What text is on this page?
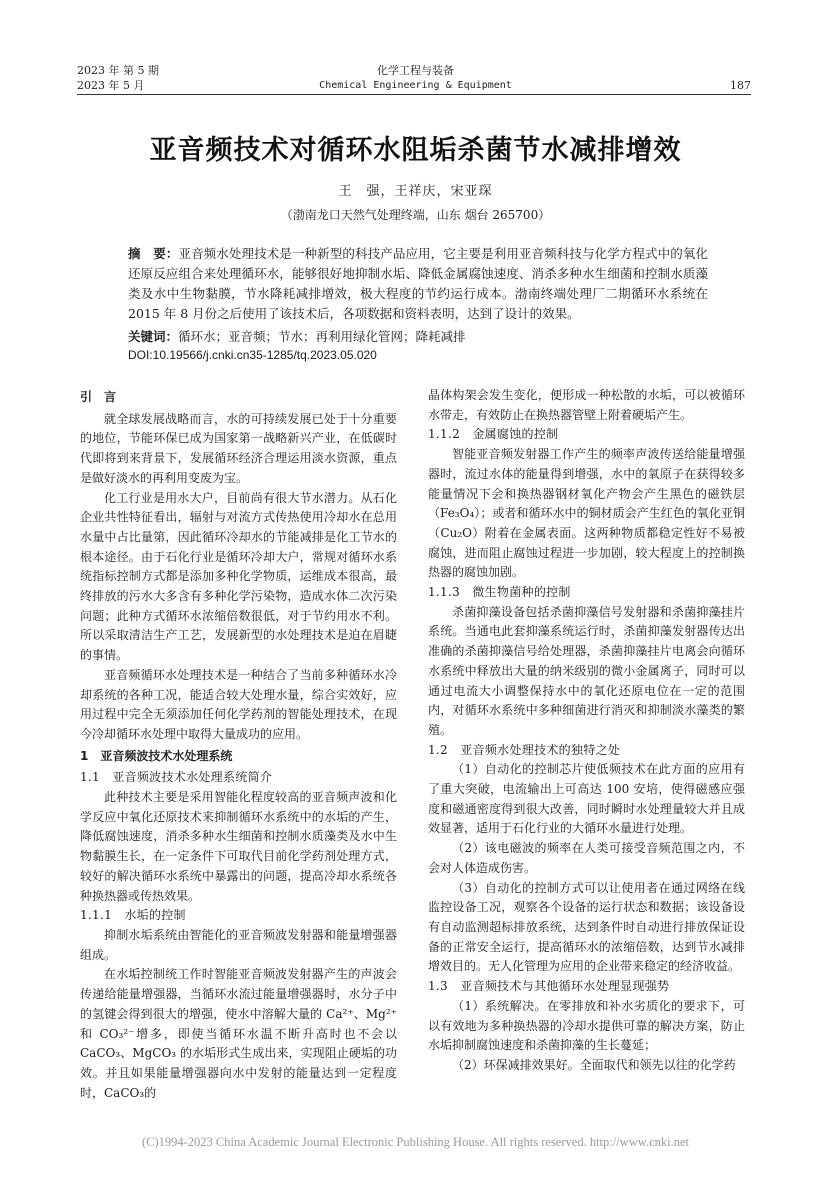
2023 年 第 5 期
2023 年 5 月
化学工程与装备
Chemical Engineering & Equipment	187
亚音频技术对循环水阻垢杀菌节水减排增效
王　强，王祥庆，宋亚琛
（渤南龙口天然气处理终端，山东 烟台 265700）
摘　要：亚音频水处理技术是一种新型的科技产品应用，它主要是利用亚音频科技与化学方程式中的氧化还原反应组合来处理循环水，能够很好地抑制水垢、降低金属腐蚀速度、消杀多种水生细菌和控制水质藻类及水中生物黏膜，节水降耗减排增效，极大程度的节约运行成本。渤南终端处理厂二期循环水系统在 2015 年 8 月份之后使用了该技术后，各项数据和资料表明，达到了设计的效果。
关键词：循环水；亚音频；节水；再利用绿化管网；降耗减排
DOI:10.19566/j.cnki.cn35-1285/tq.2023.05.020

引　言

就全球发展战略而言，水的可持续发展已处于十分重要的地位，节能环保已成为国家第一战略新兴产业，在低碳时代即将到来背景下，发展循环经济合理运用淡水资源，重点是做好淡水的再利用变废为宝。

化工行业是用水大户，目前尚有很大节水潜力。从石化企业共性特征看出，辐射与对流方式传热使用冷却水在总用水量中占比量第，因此循环冷却水的节能减排是化工节水的根本途径。由于石化行业是循环冷却大户，常规对循环水系统指标控制方式都是添加多种化学物质，运维成本很高，最终排放的污水大多含有多种化学污染物，造成水体二次污染问题；此种方式循环水浓缩倍数很低，对于节约用水不利。所以采取清洁生产工艺，发展新型的水处理技术是迫在眉睫的事情。

亚音频循环水处理技术是一种结合了当前多种循环水冷却系统的各种工况，能适合较大处理水量，综合实效好，应用过程中完全无须添加任何化学药剂的智能处理技术，在现今冷却循环水处理中取得大量成功的应用。

1　亚音频波技术水处理系统

1.1　亚音频波技术水处理系统简介

此种技术主要是采用智能化程度较高的亚音频声波和化学反应中氧化还原技术来抑制循环水系统中的水垢的产生，降低腐蚀速度，消杀多种水生细菌和控制水质藻类及水中生物黏膜生长，在一定条件下可取代目前化学药剂处理方式，较好的解决循环水系统中暴露出的问题，提高冷却水系统各种换热器或传热效果。

1.1.1　水垢的控制

抑制水垢系统由智能化的亚音频波发射器和能量增强器组成。

在水垢控制统工作时智能亚音频波发射器产生的声波会传递给能量增强器，当循环水流过能量增强器时，水分子中的氢键会得到很大的增强，使水中溶解大量的 Ca²⁺、Mg²⁺ 和 CO₃²⁻增多，即使当循环水温不断升高时也不会以 CaCO₃、MgCO₃ 的水垢形式生成出来，实现阻止硬垢的功效。并且如果能量增强器向水中发射的能量达到一定程度时，CaCO₃的

晶体构架会发生变化，便形成一种松散的水垢，可以被循环水带走，有效防止在换热器管壁上附着硬垢产生。

1.1.2　金属腐蚀的控制

智能亚音频发射器工作产生的频率声波传送给能量增强器时，流过水体的能量得到增强，水中的氧原子在获得较多能量情况下会和换热器钢材氧化产物会产生黑色的磁铁层（Fe₃O₄）；或者和循环水中的铜材质会产生红色的氧化亚铜（Cu₂O）附着在金属表面。这两种物质都稳定性好不易被腐蚀，进而阻止腐蚀过程进一步加剧，较大程度上的控制换热器的腐蚀加剧。

1.1.3　微生物菌种的控制

杀菌抑藻设备包括杀菌抑藻信号发射器和杀菌抑藻挂片系统。当通电此套抑藻系统运行时，杀菌抑藻发射器传达出准确的杀菌抑藻信号给处理器，杀菌抑藻挂片电离会向循环水系统中释放出大量的纳米级别的微小金属离子，同时可以通过电流大小调整保持水中的氧化还原电位在一定的范围内，对循环水系统中多种细菌进行消灭和抑制淡水藻类的繁殖。

1.2　亚音频水处理技术的独特之处

（1）自动化的控制芯片使低频技术在此方面的应用有了重大突破，电流输出上可高达 100 安培，使得磁感应强度和磁通密度得到很大改善，同时瞬时水处理量较大并且成效显著，适用于石化行业的大循环水量进行处理。

（2）该电磁波的频率在人类可接受音频范围之内，不会对人体造成伤害。

（3）自动化的控制方式可以让使用者在通过网络在线监控设备工况，观察各个设备的运行状态和数据；该设备设有自动监测超标排放系统，达到条件时自动进行排放保证设备的正常安全运行，提高循环水的浓缩倍数，达到节水减排增效目的。无人化管理为应用的企业带来稳定的经济收益。

1.3　亚音频技术与其他循环水处理显现强势

（1）系统解决。在零排放和补水劣质化的要求下，可以有效地为多种换热器的冷却水提供可靠的解决方案，防止水垢抑制腐蚀速度和杀菌抑藻的生长蔓延；

（2）环保减排效果好。全面取代和领先以往的化学药

(C)1994-2023 China Academic Journal Electronic Publishing House. All rights reserved. http://www.cnki.net
